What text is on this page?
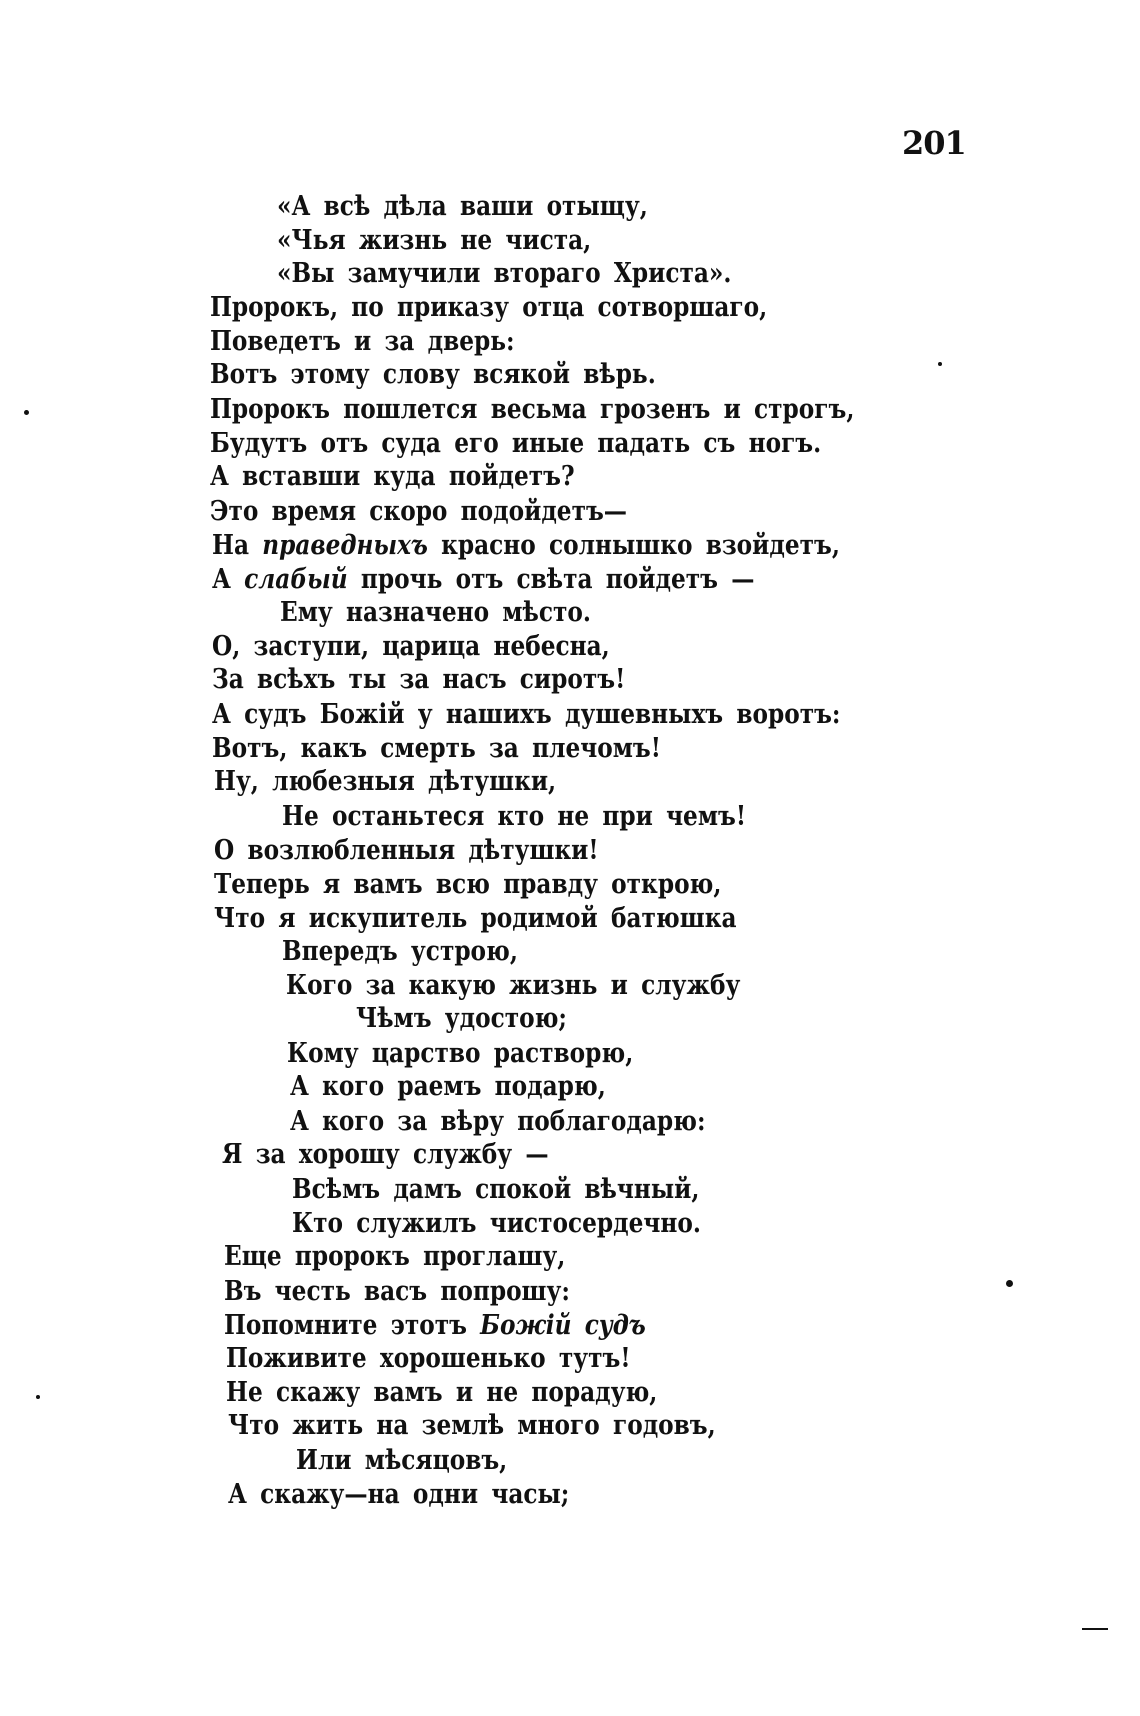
201
«А всѣ дѣла ваши отыщу,
«Чья жизнь не чиста,
«Вы замучили втораго Христа».
Пророкъ, по приказу отца сотворшаго,
Поведетъ и за дверь:
Вотъ этому слову всякой вѣрь.
Пророкъ пошлется весьма грозенъ и строгъ,
Будутъ отъ суда его иные падать съ ногъ.
А вставши куда пойдетъ?
Это время скоро подойдетъ—
На праведныхъ красно солнышко взойдетъ,
А слабый прочь отъ свѣта пойдетъ —
Ему назначено мѣсто.
О, заступи, царица небесна,
За всѣхъ ты за насъ сиротъ!
А судъ Божій у нашихъ душевныхъ воротъ:
Вотъ, какъ смерть за плечомъ!
Ну, любезныя дѣтушки,
Не останьтеся кто не при чемъ!
О возлюбленныя дѣтушки!
Теперь я вамъ всю правду открою,
Что я искупитель родимой батюшка
Впередъ устрою,
Кого за какую жизнь и службу
Чѣмъ удостою;
Кому царство растворю,
А кого раемъ подарю,
А кого за вѣру поблагодарю:
Я за хорошу службу —
Всѣмъ дамъ спокой вѣчный,
Кто служилъ чистосердечно.
Еще пророкъ проглашу,
Въ честь васъ попрошу:
Попомните этотъ Божій судъ
Поживите хорошенько тутъ!
Не скажу вамъ и не порадую,
Что жить на землѣ много годовъ,
Или мѣсяцовъ,
А скажу—на одни часы;
